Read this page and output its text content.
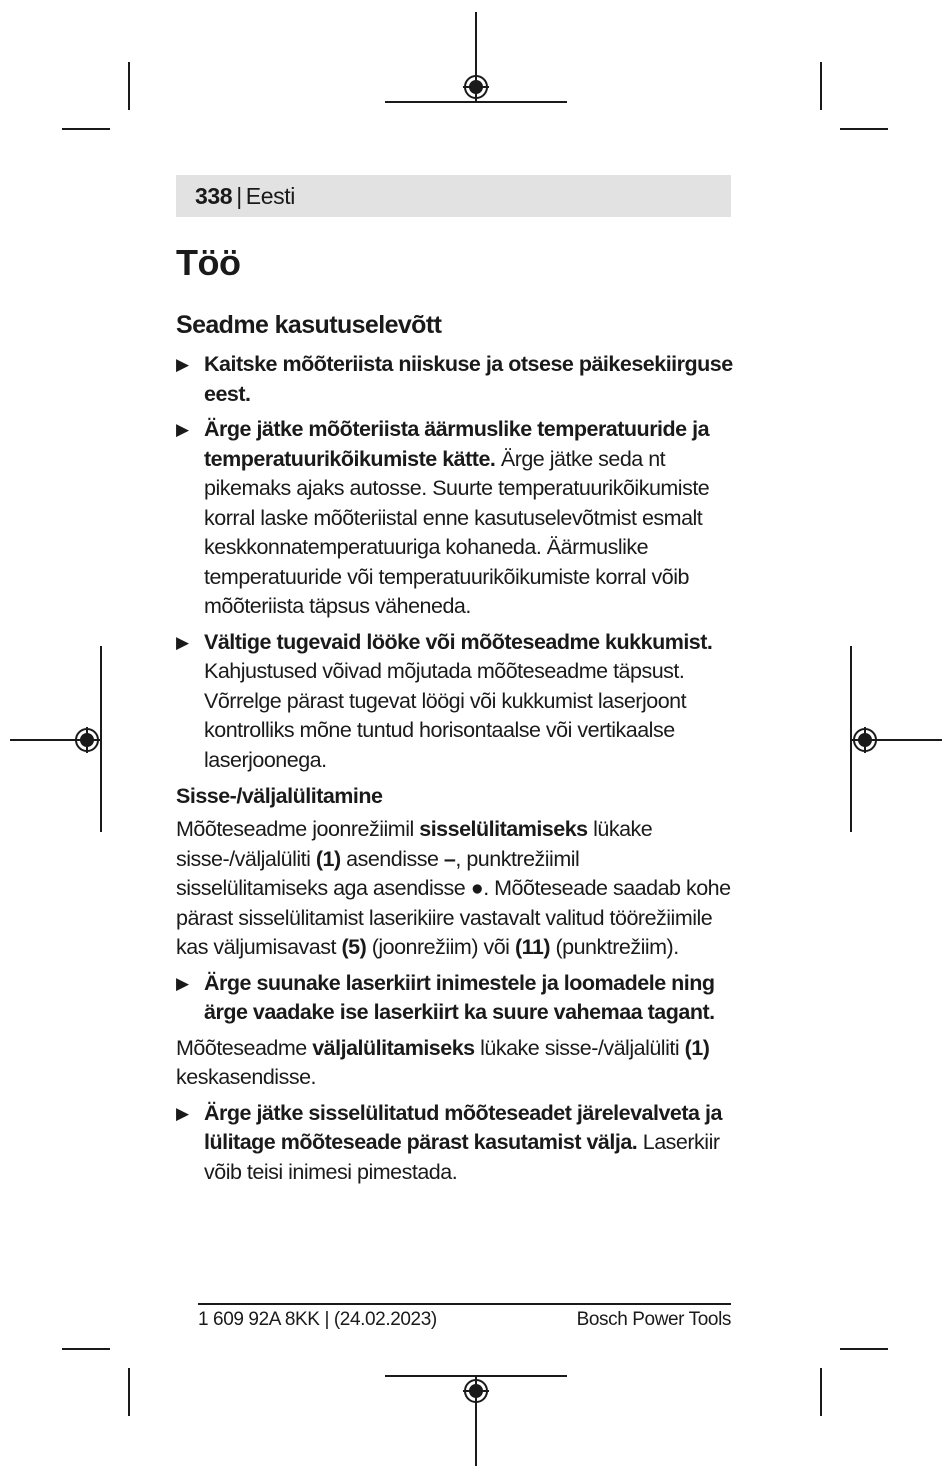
338 | Eesti
Töö
Seadme kasutuselevõtt
▶ Kaitske mõõteriista niiskuse ja otsese päikesekiirguse eest.
▶ Ärge jätke mõõteriista äärmuslike temperatuuride ja temperatuurikõikumiste kätte. Ärge jätke seda nt pikemaks ajaks autosse. Suurte temperatuurikõikumiste korral laske mõõteriistal enne kasutuselevõtmist esmalt keskkonnatemperatuuriga kohaneda. Äärmuslike temperatuuride või temperatuurikõikumiste korral võib mõõteriista täpsus väheneda.
▶ Vältige tugevaid lööke või mõõteseadme kukkumist. Kahjustused võivad mõjutada mõõteseadme täpsust. Võrrelge pärast tugevat löögi või kukkumist laserjoont kontrolliks mõne tuntud horisontaalse või vertikaalse laserjoonega.
Sisse-/väljalülitamine

Mõõteseadme joonrežiimil sisselülitamiseks lükake sisse-/väljalüliti (1) asendisse –, punktrežiimil sisselülitamiseks aga asendisse ●. Mõõteseade saadab kohe pärast sisselülitamist laserikiire vastavalt valitud töörežiimile kas väljumisavast (5) (joonrežiim) või (11) (punktrežiim).

▶ Ärge suunake laserkiirt inimestele ja loomadele ning ärge vaadake ise laserkiirt ka suure vahemaa tagant.

Mõõteseadme väljalülitamiseks lükake sisse-/väljalüliti (1) keskasendisse.

▶ Ärge jätke sisselülitatud mõõteseadet järelevalveta ja lülitage mõõteseade pärast kasutamist välja. Laserkiir võib teisi inimesi pimestada.
1 609 92A 8KK | (24.02.2023)	Bosch Power Tools
